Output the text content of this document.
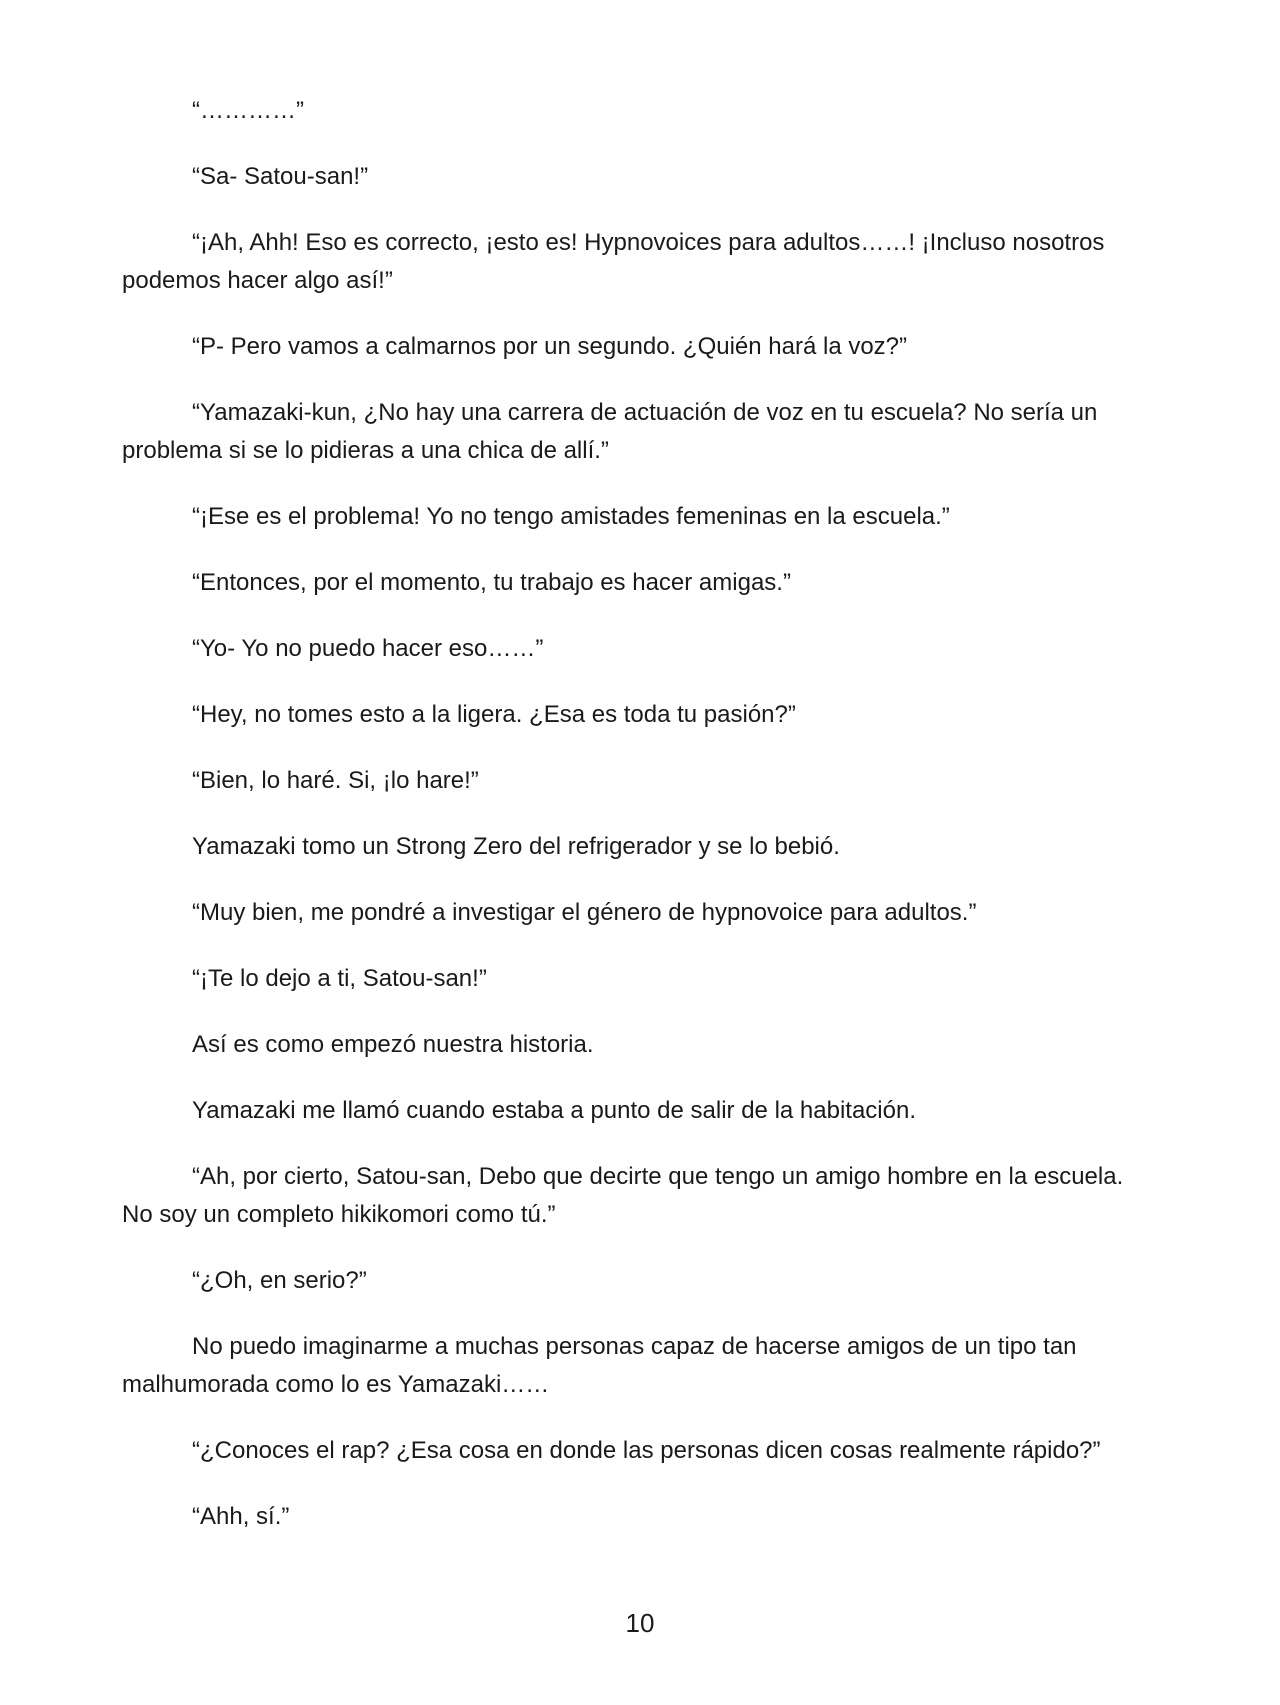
“…………”

“Sa- Satou-san!”

“¡Ah, Ahh! Eso es correcto, ¡esto es! Hypnovoices para adultos……! ¡Incluso nosotros podemos hacer algo así!”

“P- Pero vamos a calmarnos por un segundo. ¿Quién hará la voz?”

“Yamazaki-kun, ¿No hay una carrera de actuación de voz en tu escuela? No sería un problema si se lo pidieras a una chica de allí.”

“¡Ese es el problema! Yo no tengo amistades femeninas en la escuela.”

“Entonces, por el momento, tu trabajo es hacer amigas.”

“Yo- Yo no puedo hacer eso……”

“Hey, no tomes esto a la ligera. ¿Esa es toda tu pasión?”

“Bien, lo haré. Si, ¡lo hare!”

Yamazaki tomo un Strong Zero del refrigerador y se lo bebió.

“Muy bien, me pondré a investigar el género de hypnovoice para adultos.”

“¡Te lo dejo a ti, Satou-san!”

Así es como empezó nuestra historia.

Yamazaki me llamó cuando estaba a punto de salir de la habitación.

“Ah, por cierto, Satou-san, Debo que decirte que tengo un amigo hombre en la escuela. No soy un completo hikikomori como tú.”

“¿Oh, en serio?”

No puedo imaginarme a muchas personas capaz de hacerse amigos de un tipo tan malhumorada como lo es Yamazaki……

“¿Conoces el rap? ¿Esa cosa en donde las personas dicen cosas realmente rápido?”

“Ahh, sí.”

10
